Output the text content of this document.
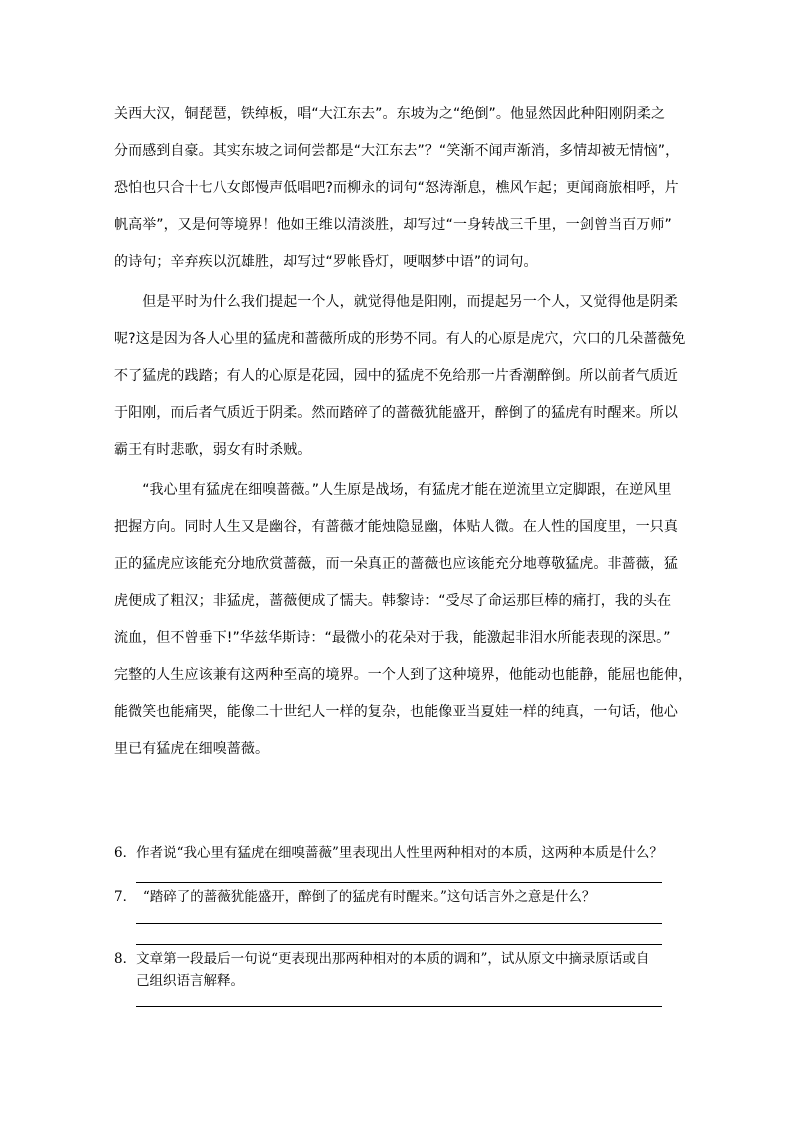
关西大汉，铜琵琶，铁绰板，唱“大江东去”。东坡为之“绝倒”。他显然因此种阳刚阴柔之
分而感到自豪。其实东坡之词何尝都是“大江东去”？“笑渐不闻声渐消，多情却被无情恼”，
恐怕也只合十七八女郎慢声低唱吧?而柳永的词句“怒涛渐息，樵风乍起；更闻商旅相呼，片
帆高举”，又是何等境界！他如王维以清淡胜，却写过“一身转战三千里，一剑曾当百万师”
的诗句；辛弃疾以沉雄胜，却写过“罗帐昏灯，哽咽梦中语”的词句。
　　但是平时为什么我们提起一个人，就觉得他是阳刚，而提起另一个人，又觉得他是阴柔
呢?这是因为各人心里的猛虎和蔷薇所成的形势不同。有人的心原是虎穴，穴口的几朵蔷薇免
不了猛虎的践踏；有人的心原是花园，园中的猛虎不免给那一片香潮醉倒。所以前者气质近
于阳刚，而后者气质近于阴柔。然而踏碎了的蔷薇犹能盛开，醉倒了的猛虎有时醒来。所以
霸王有时悲歌，弱女有时杀贼。
　　“我心里有猛虎在细嗅蔷薇。”人生原是战场，有猛虎才能在逆流里立定脚跟，在逆风里
把握方向。同时人生又是幽谷，有蔷薇才能烛隐显幽，体贴人微。在人性的国度里，一只真
正的猛虎应该能充分地欣赏蔷薇，而一朵真正的蔷薇也应该能充分地尊敬猛虎。非蔷薇，猛
虎便成了粗汉；非猛虎，蔷薇便成了懦夫。韩黎诗：“受尽了命运那巨棒的痛打，我的头在
流血，但不曾垂下!”华兹华斯诗：“最微小的花朵对于我，能激起非泪水所能表现的深思。”
完整的人生应该兼有这两种至高的境界。一个人到了这种境界，他能动也能静，能屈也能伸，
能微笑也能痛哭，能像二十世纪人一样的复杂，也能像亚当夏娃一样的纯真，一句话，他心
里已有猛虎在细嗅蔷薇。
6．作者说“我心里有猛虎在细嗅蔷薇”里表现出人性里两种相对的本质，这两种本质是什么？
7．　“踏碎了的蔷薇犹能盛开，醉倒了的猛虎有时醒来。”这句话言外之意是什么？
8．文章第一段最后一句说“更表现出那两种相对的本质的调和”，试从原文中摘录原话或自
己组织语言解释。
